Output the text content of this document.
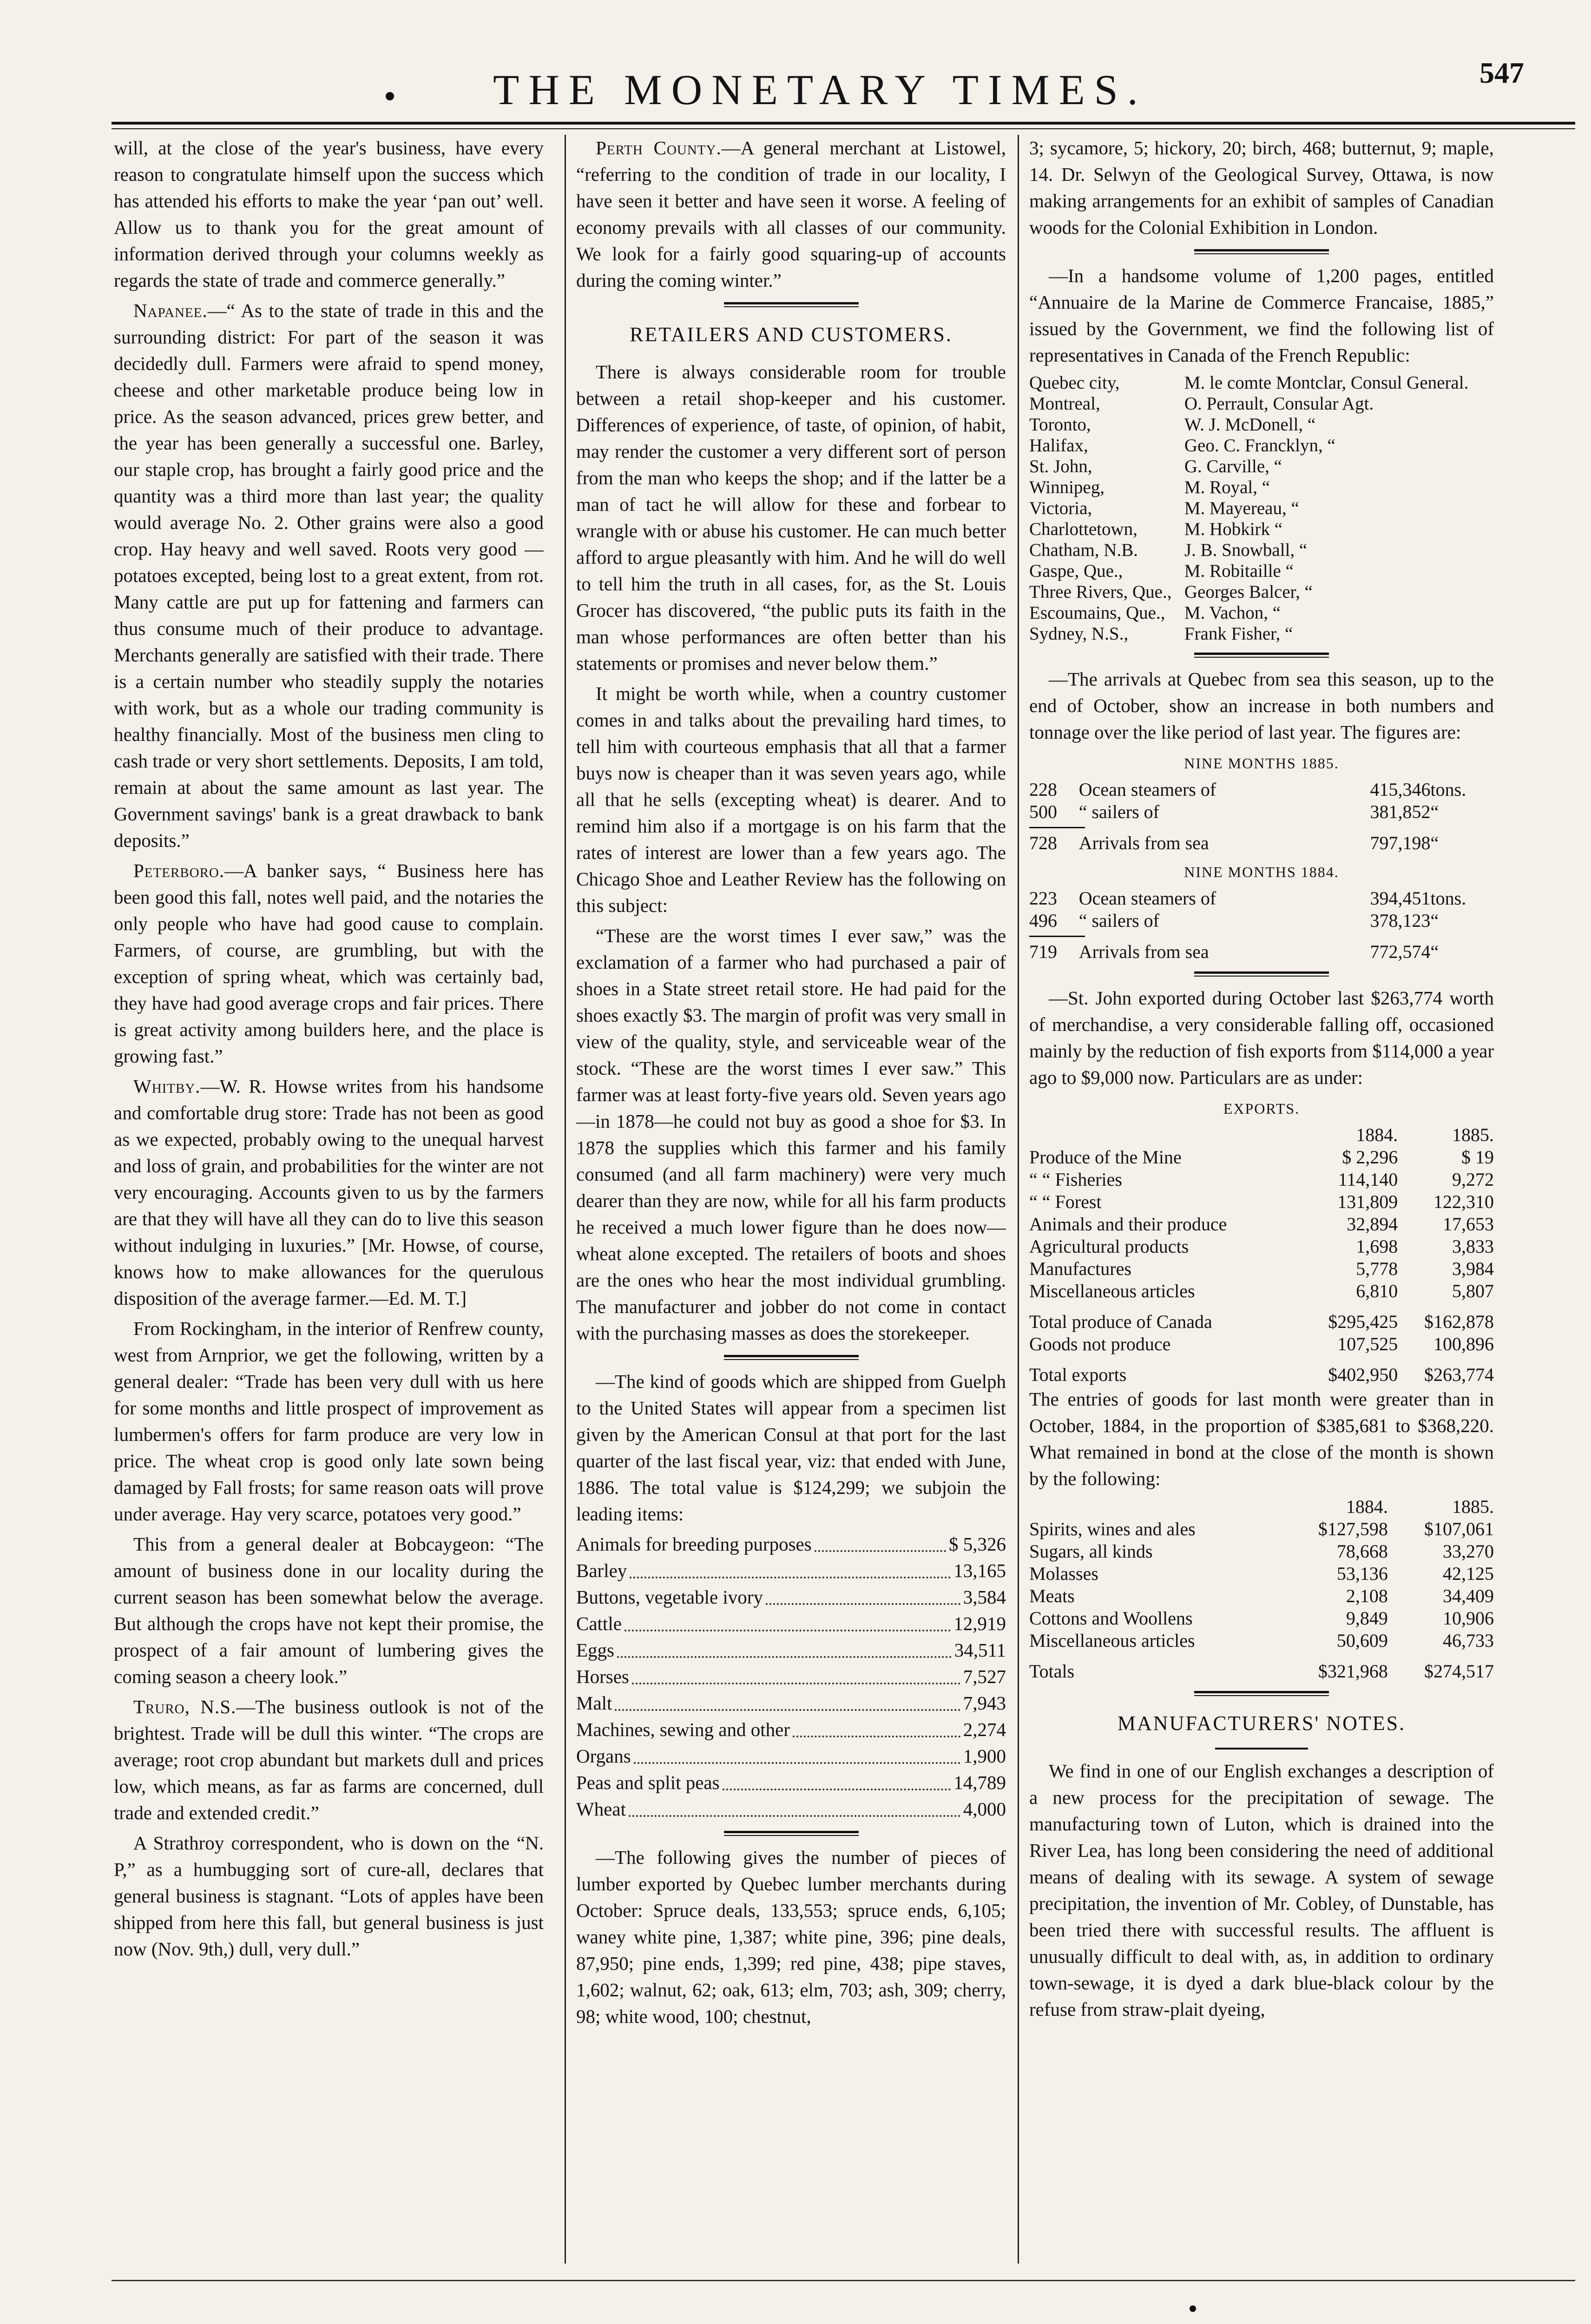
THE MONETARY TIMES.	547

will, at the close of the year's business, have every reason to congratulate himself upon the success which has attended his efforts to make the year ‘pan out’ well. Allow us to thank you for the great amount of information derived through your columns weekly as regards the state of trade and commerce generally.”

Napanee.—“ As to the state of trade in this and the surrounding district: For part of the season it was decidedly dull. Farmers were afraid to spend money, cheese and other marketable produce being low in price. As the season advanced, prices grew better, and the year has been generally a successful one. Barley, our staple crop, has brought a fairly good price and the quantity was a third more than last year; the quality would average No. 2. Other grains were also a good crop. Hay heavy and well saved. Roots very good —potatoes excepted, being lost to a great extent, from rot. Many cattle are put up for fattening and farmers can thus consume much of their produce to advantage. Merchants generally are satisfied with their trade. There is a certain number who steadily supply the notaries with work, but as a whole our trading community is healthy financially. Most of the business men cling to cash trade or very short settlements. Deposits, I am told, remain at about the same amount as last year. The Government savings' bank is a great drawback to bank deposits.”

Peterboro.—A banker says, “ Business here has been good this fall, notes well paid, and the notaries the only people who have had good cause to complain. Farmers, of course, are grumbling, but with the exception of spring wheat, which was certainly bad, they have had good average crops and fair prices. There is great activity among builders here, and the place is growing fast.”

Whitby.—W. R. Howse writes from his handsome and comfortable drug store: Trade has not been as good as we expected, probably owing to the unequal harvest and loss of grain, and probabilities for the winter are not very encouraging. Accounts given to us by the farmers are that they will have all they can do to live this season without indulging in luxuries.” [Mr. Howse, of course, knows how to make allowances for the querulous disposition of the average farmer.—Ed. M. T.]

From Rockingham, in the interior of Renfrew county, west from Arnprior, we get the following, written by a general dealer: “Trade has been very dull with us here for some months and little prospect of improvement as lumbermen's offers for farm produce are very low in price. The wheat crop is good only late sown being damaged by Fall frosts; for same reason oats will prove under average. Hay very scarce, potatoes very good.”

This from a general dealer at Bobcaygeon: “The amount of business done in our locality during the current season has been somewhat below the average. But although the crops have not kept their promise, the prospect of a fair amount of lumbering gives the coming season a cheery look.”

Truro, N.S.—The business outlook is not of the brightest. Trade will be dull this winter. “The crops are average; root crop abundant but markets dull and prices low, which means, as far as farms are concerned, dull trade and extended credit.”

A Strathroy correspondent, who is down on the “N. P,” as a humbugging sort of cure-all, declares that general business is stagnant. “Lots of apples have been shipped from here this fall, but general business is just now (Nov. 9th,) dull, very dull.”

Perth County.—A general merchant at Listowel, “referring to the condition of trade in our locality, I have seen it better and have seen it worse. A feeling of economy prevails with all classes of our community. We look for a fairly good squaring-up of accounts during the coming winter.”

RETAILERS AND CUSTOMERS.

There is always considerable room for trouble between a retail shop-keeper and his customer. Differences of experience, of taste, of opinion, of habit, may render the customer a very different sort of person from the man who keeps the shop; and if the latter be a man of tact he will allow for these and forbear to wrangle with or abuse his customer. He can much better afford to argue pleasantly with him. And he will do well to tell him the truth in all cases, for, as the St. Louis Grocer has discovered, “the public puts its faith in the man whose performances are often better than his statements or promises and never below them.”

It might be worth while, when a country customer comes in and talks about the prevailing hard times, to tell him with courteous emphasis that all that a farmer buys now is cheaper than it was seven years ago, while all that he sells (excepting wheat) is dearer. And to remind him also if a mortgage is on his farm that the rates of interest are lower than a few years ago. The Chicago Shoe and Leather Review has the following on this subject:

“These are the worst times I ever saw,” was the exclamation of a farmer who had purchased a pair of shoes in a State street retail store. He had paid for the shoes exactly $3. The margin of profit was very small in view of the quality, style, and serviceable wear of the stock. “These are the worst times I ever saw.” This farmer was at least forty-five years old. Seven years ago—in 1878—he could not buy as good a shoe for $3. In 1878 the supplies which this farmer and his family consumed (and all farm machinery) were very much dearer than they are now, while for all his farm products he received a much lower figure than he does now—wheat alone excepted. The retailers of boots and shoes are the ones who hear the most individual grumbling. The manufacturer and jobber do not come in contact with the purchasing masses as does the storekeeper.

—The kind of goods which are shipped from Guelph to the United States will appear from a specimen list given by the American Consul at that port for the last quarter of the last fiscal year, viz: that ended with June, 1886. The total value is $124,299; we subjoin the leading items:

Animals for breeding purposes	$ 5,326
Barley	13,165
Buttons, vegetable ivory	3,584
Cattle	12,919
Eggs	34,511
Horses	7,527
Malt	7,943
Machines, sewing and other	2,274
Organs	1,900
Peas and split peas	14,789
Wheat	4,000

—The following gives the number of pieces of lumber exported by Quebec lumber merchants during October: Spruce deals, 133,553; spruce ends, 6,105; waney white pine, 1,387; white pine, 396; pine deals, 87,950; pine ends, 1,399; red pine, 438; pipe staves, 1,602; walnut, 62; oak, 613; elm, 703; ash, 309; cherry, 98; white wood, 100; chestnut,

3; sycamore, 5; hickory, 20; birch, 468; butternut, 9; maple, 14. Dr. Selwyn of the Geological Survey, Ottawa, is now making arrangements for an exhibit of samples of Canadian woods for the Colonial Exhibition in London.

—In a handsome volume of 1,200 pages, entitled “Annuaire de la Marine de Commerce Francaise, 1885,” issued by the Government, we find the following list of representatives in Canada of the French Republic:

Quebec city,	M. le comte Montclar, Consul General.
Montreal,	O. Perrault, Consular Agt.
Toronto,	W. J. McDonell, “
Halifax,	Geo. C. Francklyn, “
St. John,	G. Carville, “
Winnipeg,	M. Royal, “
Victoria,	M. Mayereau, “
Charlottetown,	M. Hobkirk “
Chatham, N.B.	J. B. Snowball, “
Gaspe, Que.,	M. Robitaille “
Three Rivers, Que.,	Georges Balcer, “
Escoumains, Que.,	M. Vachon, “
Sydney, N.S.,	Frank Fisher, “

—The arrivals at Quebec from sea this season, up to the end of October, show an increase in both numbers and tonnage over the like period of last year. The figures are:

NINE MONTHS 1885.
228	Ocean steamers of	415,346	tons.
500	“ sailers of	381,852	“

728	Arrivals from sea	797,198	“
NINE MONTHS 1884.
223	Ocean steamers of	394,451	tons.
496	“ sailers of	378,123	“

719	Arrivals from sea	772,574	“

—St. John exported during October last $263,774 worth of merchandise, a very considerable falling off, occasioned mainly by the reduction of fish exports from $114,000 a year ago to $9,000 now. Particulars are as under:

EXPORTS.
	1884.	1885.
Produce of the Mine	$ 2,296	$ 19
“ “ Fisheries	114,140	9,272
“ “ Forest	131,809	122,310
Animals and their produce	32,894	17,653
Agricultural products	1,698	3,833
Manufactures	5,778	3,984
Miscellaneous articles	6,810	5,807

Total produce of Canada	$295,425	$162,878
Goods not produce	107,525	100,896

Total exports	$402,950	$263,774

The entries of goods for last month were greater than in October, 1884, in the proportion of $385,681 to $368,220. What remained in bond at the close of the month is shown by the following:

	1884.	1885.
Spirits, wines and ales	$127,598	$107,061
Sugars, all kinds	78,668	33,270
Molasses	53,136	42,125
Meats	2,108	34,409
Cottons and Woollens	9,849	10,906
Miscellaneous articles	50,609	46,733

Totals	$321,968	$274,517
MANUFACTURERS' NOTES.

We find in one of our English exchanges a description of a new process for the precipitation of sewage. The manufacturing town of Luton, which is drained into the River Lea, has long been considering the need of additional means of dealing with its sewage. A system of sewage precipitation, the invention of Mr. Cobley, of Dunstable, has been tried there with successful results. The affluent is unusually difficult to deal with, as, in addition to ordinary town-sewage, it is dyed a dark blue-black colour by the refuse from straw-plait dyeing,
